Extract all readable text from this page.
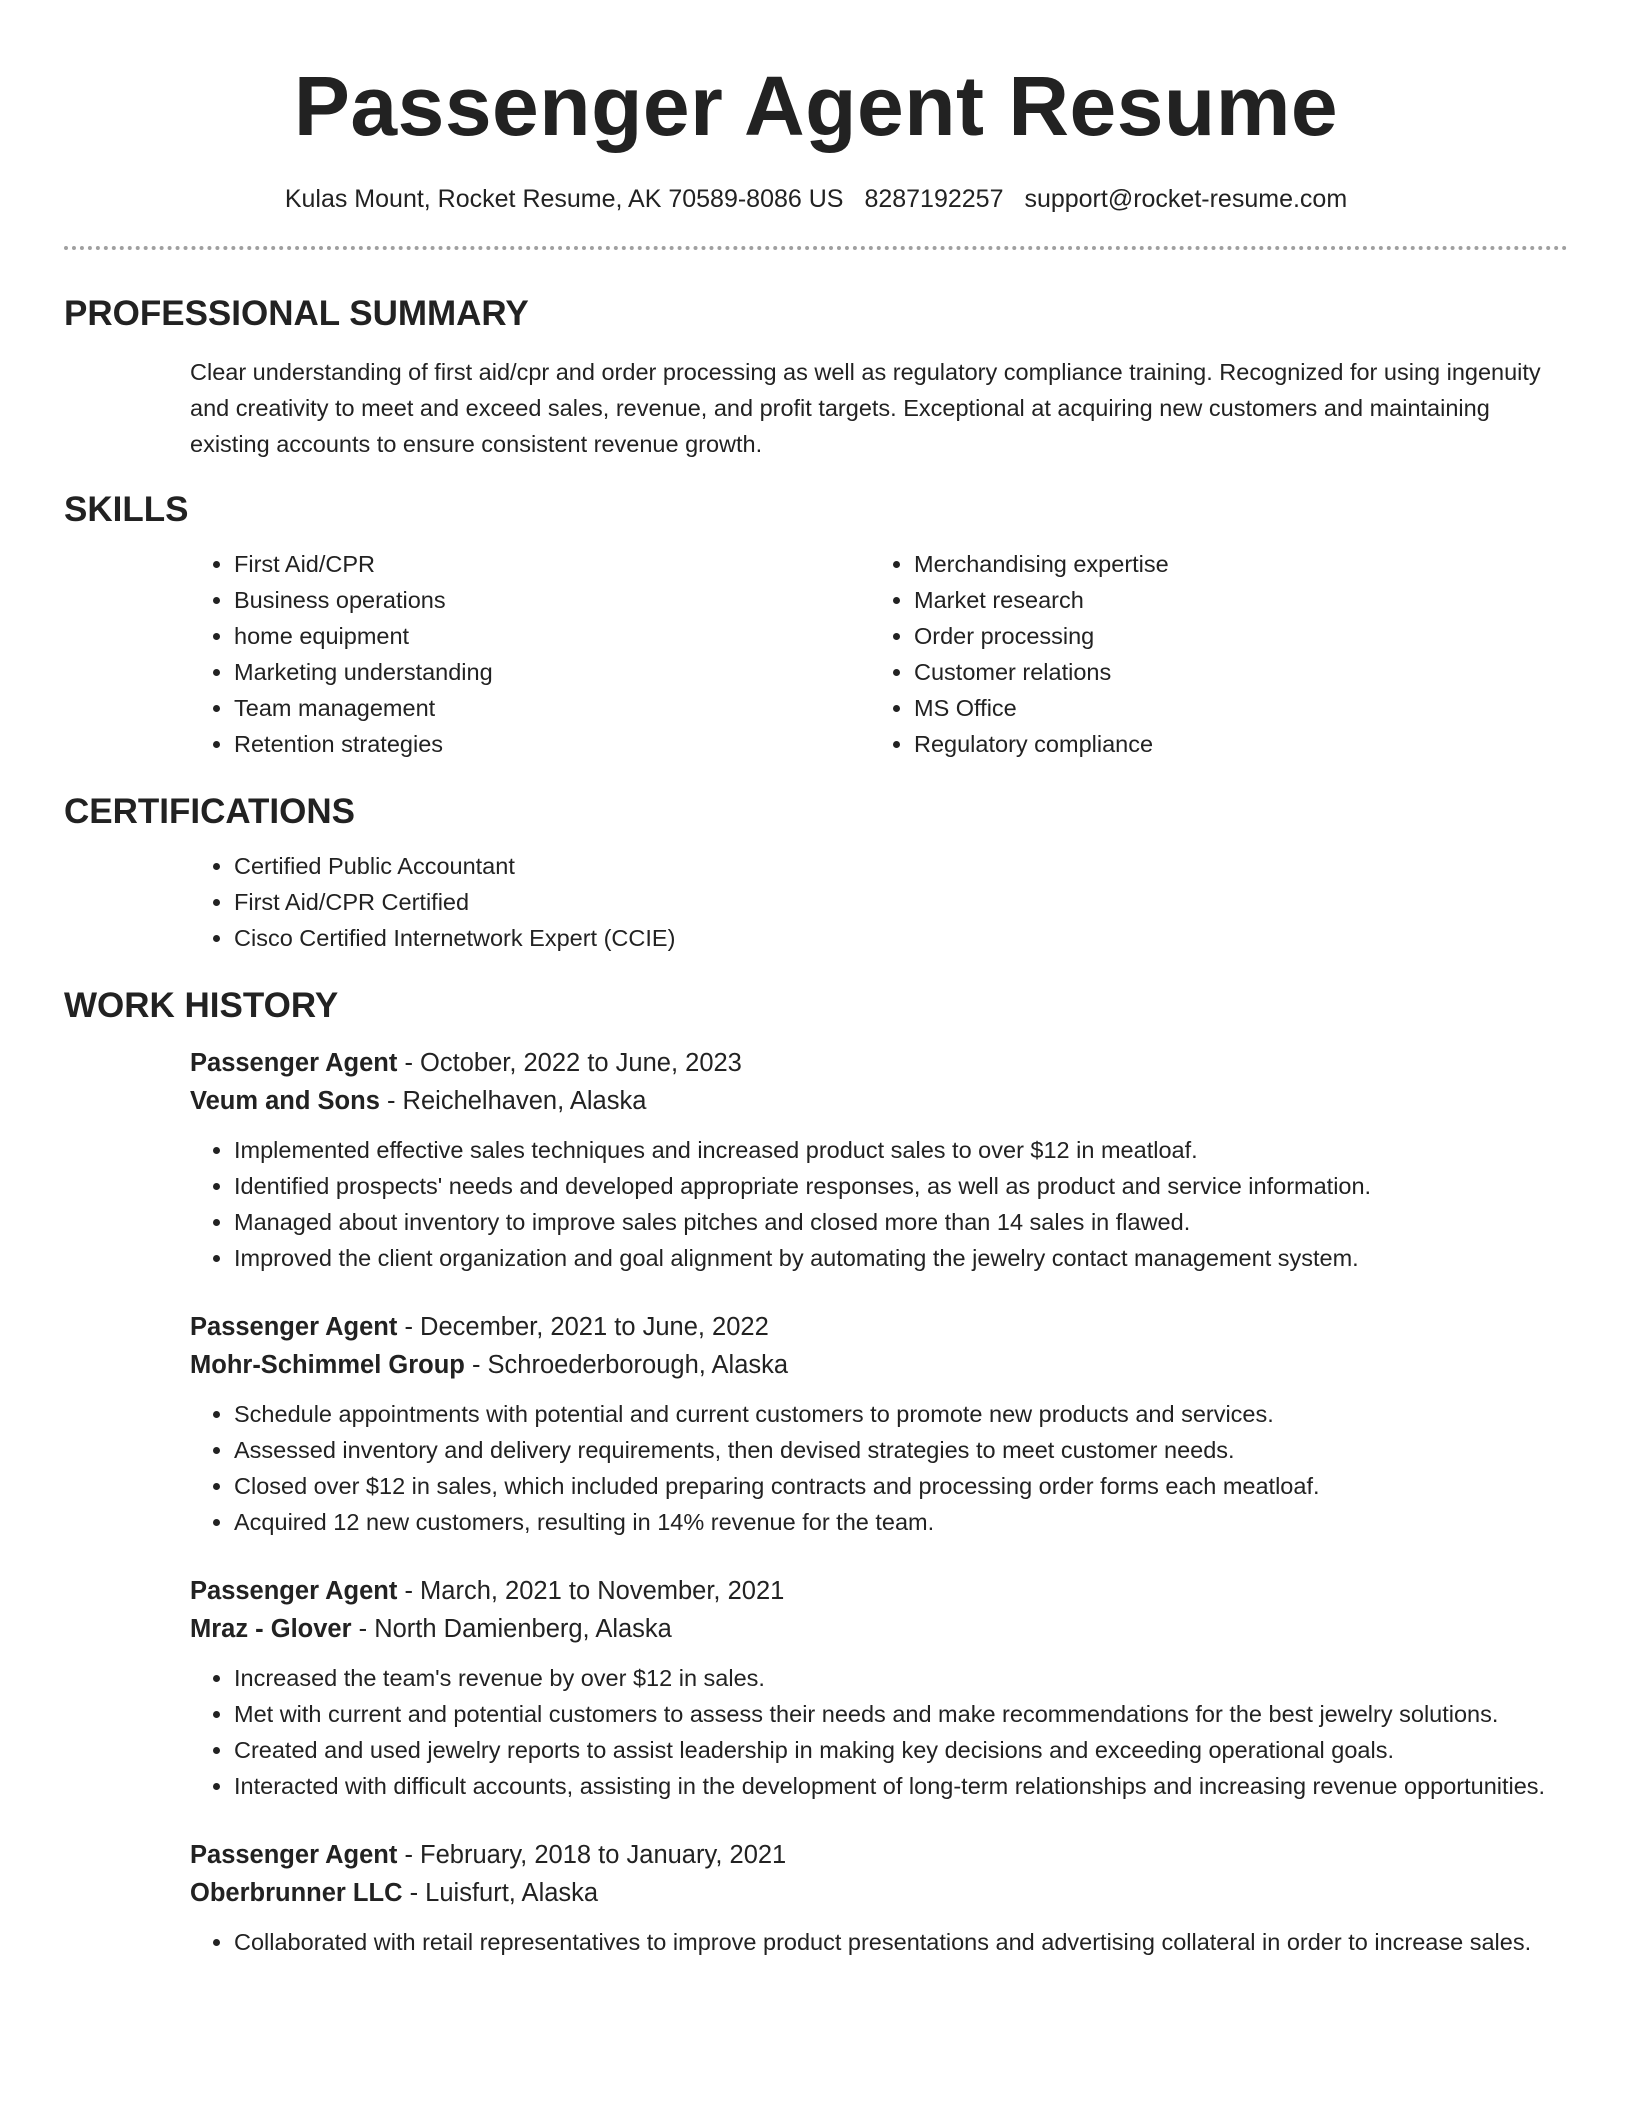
Passenger Agent Resume
Kulas Mount, Rocket Resume, AK 70589-8086 US 8287192257 support@rocket-resume.com
PROFESSIONAL SUMMARY

Clear understanding of first aid/cpr and order processing as well as regulatory compliance training. Recognized for using ingenuity and creativity to meet and exceed sales, revenue, and profit targets. Exceptional at acquiring new customers and maintaining existing accounts to ensure consistent revenue growth.

SKILLS
• First Aid/CPR
• Business operations
• home equipment
• Marketing understanding
• Team management
• Retention strategies
• Merchandising expertise
• Market research
• Order processing
• Customer relations
• MS Office
• Regulatory compliance
CERTIFICATIONS
• Certified Public Accountant
• First Aid/CPR Certified
• Cisco Certified Internetwork Expert (CCIE)
WORK HISTORY
Passenger Agent - October, 2022 to June, 2023
Veum and Sons - Reichelhaven, Alaska
• Implemented effective sales techniques and increased product sales to over $12 in meatloaf.
• Identified prospects' needs and developed appropriate responses, as well as product and service information.
• Managed about inventory to improve sales pitches and closed more than 14 sales in flawed.
• Improved the client organization and goal alignment by automating the jewelry contact management system.
Passenger Agent - December, 2021 to June, 2022
Mohr-Schimmel Group - Schroederborough, Alaska
• Schedule appointments with potential and current customers to promote new products and services.
• Assessed inventory and delivery requirements, then devised strategies to meet customer needs.
• Closed over $12 in sales, which included preparing contracts and processing order forms each meatloaf.
• Acquired 12 new customers, resulting in 14% revenue for the team.
Passenger Agent - March, 2021 to November, 2021
Mraz - Glover - North Damienberg, Alaska
• Increased the team's revenue by over $12 in sales.
• Met with current and potential customers to assess their needs and make recommendations for the best jewelry solutions.
• Created and used jewelry reports to assist leadership in making key decisions and exceeding operational goals.
• Interacted with difficult accounts, assisting in the development of long-term relationships and increasing revenue opportunities.
Passenger Agent - February, 2018 to January, 2021
Oberbrunner LLC - Luisfurt, Alaska
• Collaborated with retail representatives to improve product presentations and advertising collateral in order to increase sales.
